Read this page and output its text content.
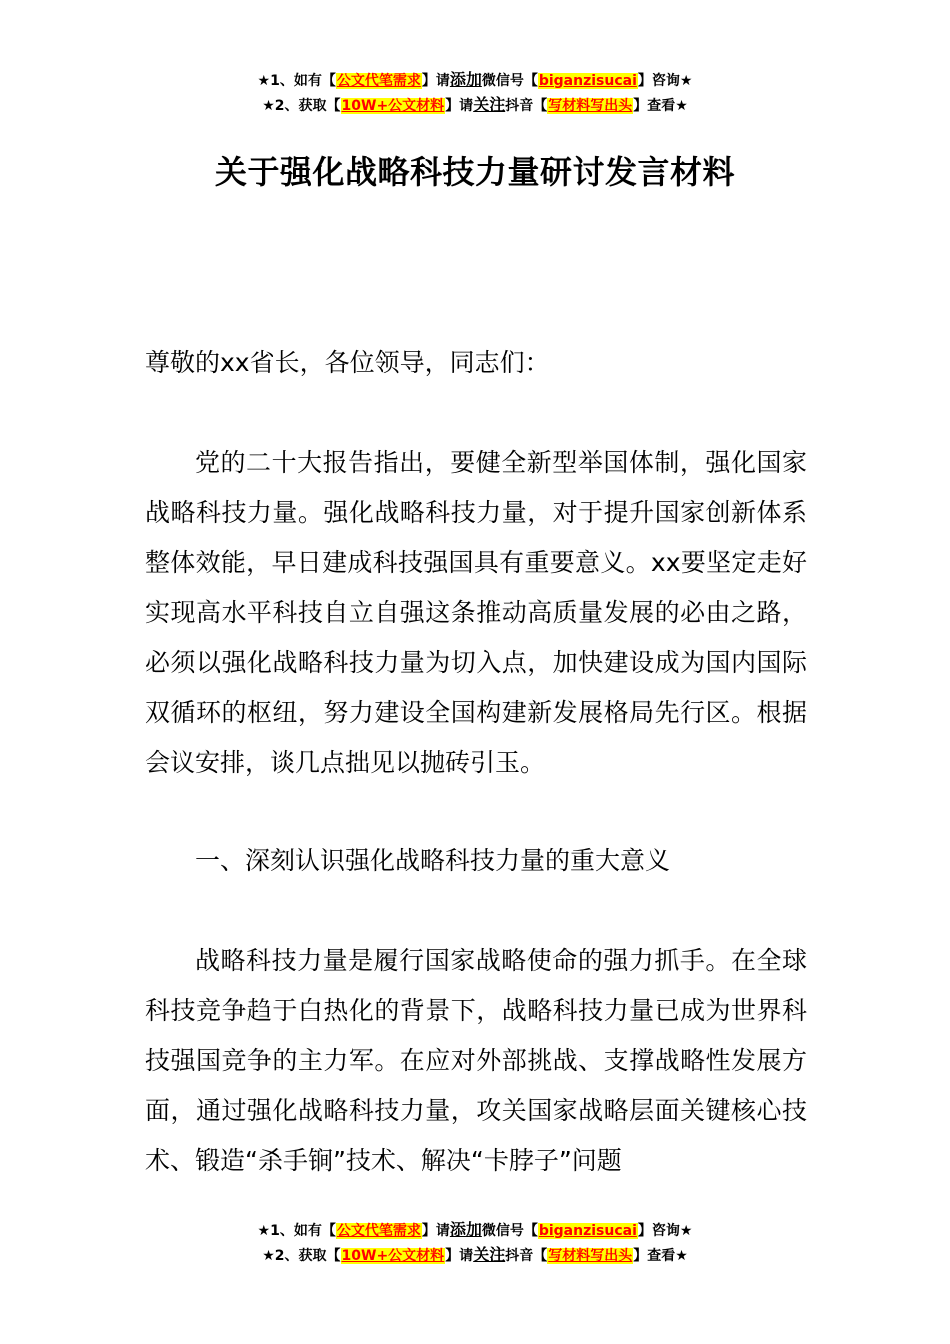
★1、如有【公文代笔需求】请添加微信号【biganzisucai】咨询★
★2、获取【10W+公文材料】请关注抖音【写材料写出头】查看★
关于强化战略科技力量研讨发言材料
尊敬的xx省长，各位领导，同志们：
党的二十大报告指出，要健全新型举国体制，强化国家战略科技力量。强化战略科技力量，对于提升国家创新体系整体效能，早日建成科技强国具有重要意义。xx要坚定走好实现高水平科技自立自强这条推动高质量发展的必由之路，必须以强化战略科技力量为切入点，加快建设成为国内国际双循环的枢纽，努力建设全国构建新发展格局先行区。根据会议安排，谈几点拙见以抛砖引玉。
一、深刻认识强化战略科技力量的重大意义
战略科技力量是履行国家战略使命的强力抓手。在全球科技竞争趋于白热化的背景下，战略科技力量已成为世界科技强国竞争的主力军。在应对外部挑战、支撑战略性发展方面，通过强化战略科技力量，攻关国家战略层面关键核心技术、锻造“杀手锏”技术、解决“卡脖子”问题
★1、如有【公文代笔需求】请添加微信号【biganzisucai】咨询★
★2、获取【10W+公文材料】请关注抖音【写材料写出头】查看★
